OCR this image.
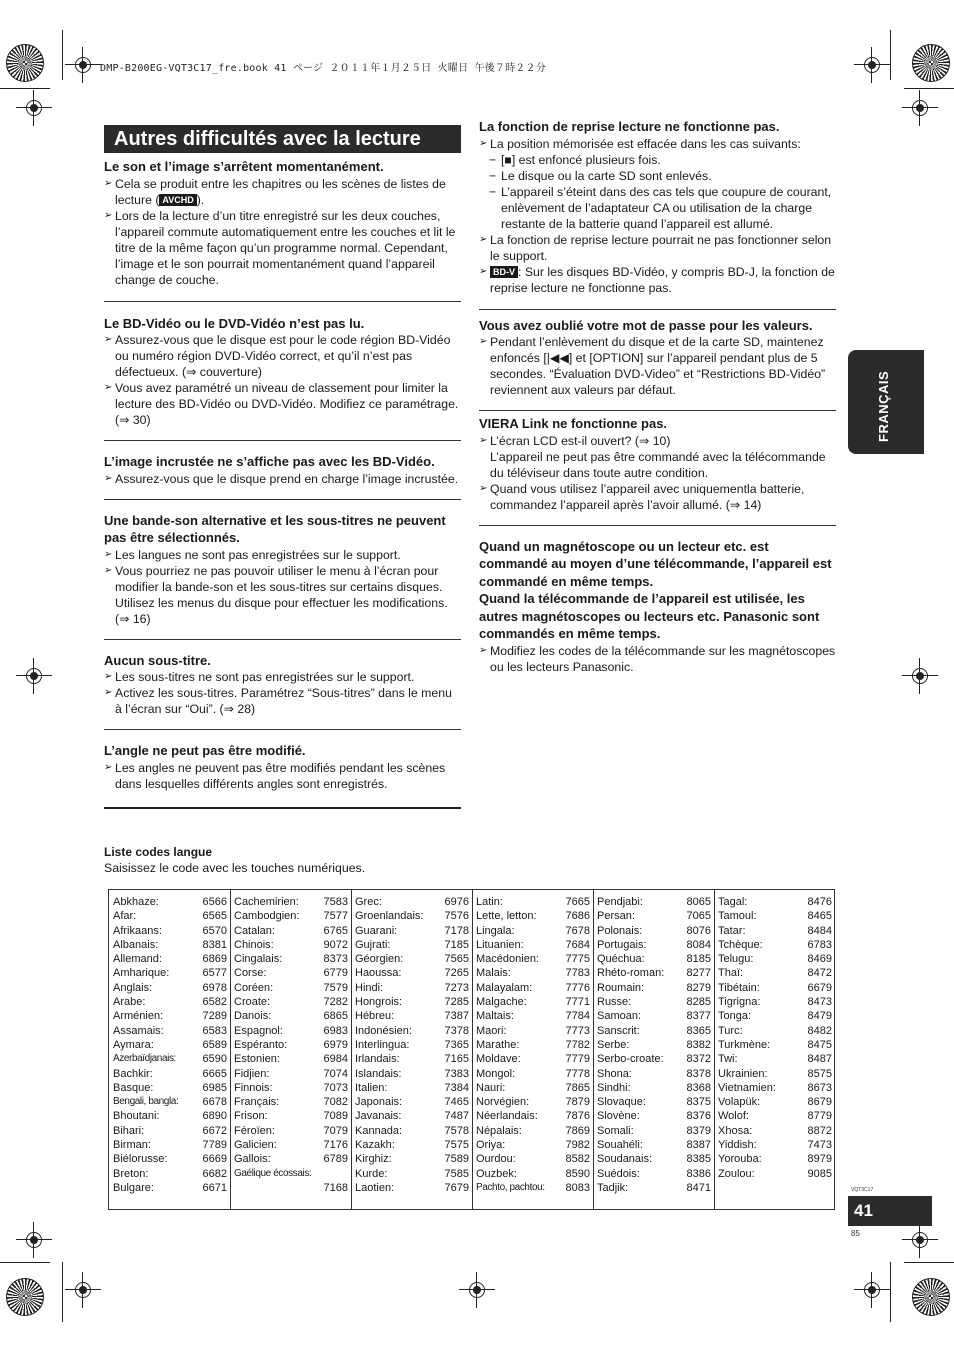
DMP-B200EG-VQT3C17_fre.book 41 ページ ２０１１年１月２５日 火曜日 午後７時２２分
Autres difficultés avec la lecture
FRANÇAIS

Le son et l’image s’arrêtent momentanément.

➢ Cela se produit entre les chapitres ou les scènes de listes de lecture ( AVCHD ).

➢ Lors de la lecture d’un titre enregistré sur les deux couches, l’appareil commute automatiquement entre les couches et lit le titre de la même façon qu’un programme normal. Cependant, l’image et le son pourrait momentanément quand l’appareil change de couche.

Le BD-Vidéo ou le DVD-Vidéo n’est pas lu.

➢ Assurez-vous que le disque est pour le code région BD-Vidéo ou numéro région DVD-Vidéo correct, et qu’il n’est pas défectueux. (⇒ couverture)

➢ Vous avez paramétré un niveau de classement pour limiter la lecture des BD-Vidéo ou DVD-Vidéo. Modifiez ce paramétrage. (⇒ 30)

L’image incrustée ne s’affiche pas avec les BD-Vidéo.

➢ Assurez-vous que le disque prend en charge l’image incrustée.

Une bande-son alternative et les sous-titres ne peuvent pas être sélectionnés.

➢ Les langues ne sont pas enregistrées sur le support.

➢ Vous pourriez ne pas pouvoir utiliser le menu à l’écran pour modifier la bande-son et les sous-titres sur certains disques. Utilisez les menus du disque pour effectuer les modifications. (⇒ 16)

Aucun sous-titre.

➢ Les sous-titres ne sont pas enregistrées sur le support.

➢ Activez les sous-titres. Paramétrez “Sous-titres” dans le menu à l’écran sur “Oui”. (⇒ 28)

L’angle ne peut pas être modifié.

➢ Les angles ne peuvent pas être modifiés pendant les scènes dans lesquelles différents angles sont enregistrés.

La fonction de reprise lecture ne fonctionne pas.

➢ La position mémorisée est effacée dans les cas suivants:

− [■] est enfoncé plusieurs fois.

− Le disque ou la carte SD sont enlevés.

− L’appareil s’éteint dans des cas tels que coupure de courant, enlèvement de l’adaptateur CA ou utilisation de la charge restante de la batterie quand l’appareil est allumé.

➢ La fonction de reprise lecture pourrait ne pas fonctionner selon le support.

➢ BD-V : Sur les disques BD-Vidéo, y compris BD-J, la fonction de reprise lecture ne fonctionne pas.

Vous avez oublié votre mot de passe pour les valeurs.

➢ Pendant l’enlèvement du disque et de la carte SD, maintenez enfoncés [|◀◀] et [OPTION] sur l’appareil pendant plus de 5 secondes. “Évaluation DVD-Video” et “Restrictions BD-Vidéo” reviennent aux valeurs par défaut.

VIERA Link ne fonctionne pas.

➢ L’écran LCD est-il ouvert? (⇒ 10)
L’appareil ne peut pas être commandé avec la télécommande du téléviseur dans toute autre condition.

➢ Quand vous utilisez l’appareil avec uniquementla batterie, commandez l’appareil après l’avoir allumé. (⇒ 14)

Quand un magnétoscope ou un lecteur etc. est commandé au moyen d’une télécommande, l’appareil est commandé en même temps.

Quand la télécommande de l’appareil est utilisée, les autres magnétoscopes ou lecteurs etc. Panasonic sont commandés en même temps.

➢ Modifiez les codes de la télécommande sur les magnétoscopes ou les lecteurs Panasonic.

Liste codes langue
Saisissez le code avec les touches numériques.
Abkhaze:	6566
Afar:	6565
Afrikaans:	6570
Albanais:	8381
Allemand:	6869
Amharique:	6577
Anglais:	6978
Arabe:	6582
Arménien:	7289
Assamais:	6583
Aymara:	6589
Azerbaïdjanais: 6590
Bachkir:	6665
Basque:	6985
Bengali, bangla: 6678
Bhoutani:	6890
Bihari:	6672
Birman:	7789
Biélorusse:	6669
Breton:	6682
Bulgare:	6671
Cachemirien: 7583
Cambodgien: 7577
Catalan:	6765
Chinois:	9072
Cingalais:	8373
Corse:	6779
Coréen:	7579
Croate:	7282
Danois:	6865
Espagnol:	6983
Espéranto:	6979
Estonien:	6984
Fidjien:	7074
Finnois:	7073
Français:	7082
Frison:	7089
Féroïen:	7079
Galicien:	7176
Gallois:	6789
Gaélique écossais:
7168
Grec:	6976
Groenlandais: 7576
Guarani:	7178
Gujrati:	7185
Géorgien:	7565
Haoussa:	7265
Hindi:	7273
Hongrois:	7285
Hébreu:	7387
Indonésien:	7378
Interlingua:	7365
Irlandais:	7165
Islandais:	7383
Italien:	7384
Japonais:	7465
Javanais:	7487
Kannada:	7578
Kazakh:	7575
Kirghiz:	7589
Kurde:	7585
Laotien:	7679
Latin:	7665
Lette, letton:	7686
Lingala:	7678
Lituanien:	7684
Macédonien: 7775
Malais:	7783
Malayalam:	7776
Malgache:	7771
Maltais:	7784
Maori:	7773
Marathe:	7782
Moldave:	7779
Mongol:	7778
Nauri:	7865
Norvégien:	7879
Néerlandais:	7876
Népalais:	7869
Oriya:	7982
Ourdou:	8582
Ouzbek:	8590
Pachto, pachtou: 8083
Pendjabi:	8065
Persan:	7065
Polonais:	8076
Portugais:	8084
Quéchua:	8185
Rhéto-roman: 8277
Roumain:	8279
Russe:	8285
Samoan:	8377
Sanscrit:	8365
Serbe:	8382
Serbo-croate: 8372
Shona:	8378
Sindhi:	8368
Slovaque:	8375
Slovène:	8376
Somali:	8379
Souahéli:	8387
Soudanais:	8385
Suédois:	8386
Tadjik:	8471
Tagal:	8476
Tamoul:	8465
Tatar:	8484
Tchèque:	6783
Telugu:	8469
Thaï:	8472
Tibétain:	6679
Tigrigna:	8473
Tonga:	8479
Turc:	8482
Turkmène:	8475
Twi:	8487
Ukrainien:	8575
Vietnamien:	8673
Volapük:	8679
Wolof:	8779
Xhosa:	8872
Yiddish:	7473
Yorouba:	8979
Zoulou:	9085
VQT3C17
41
85
